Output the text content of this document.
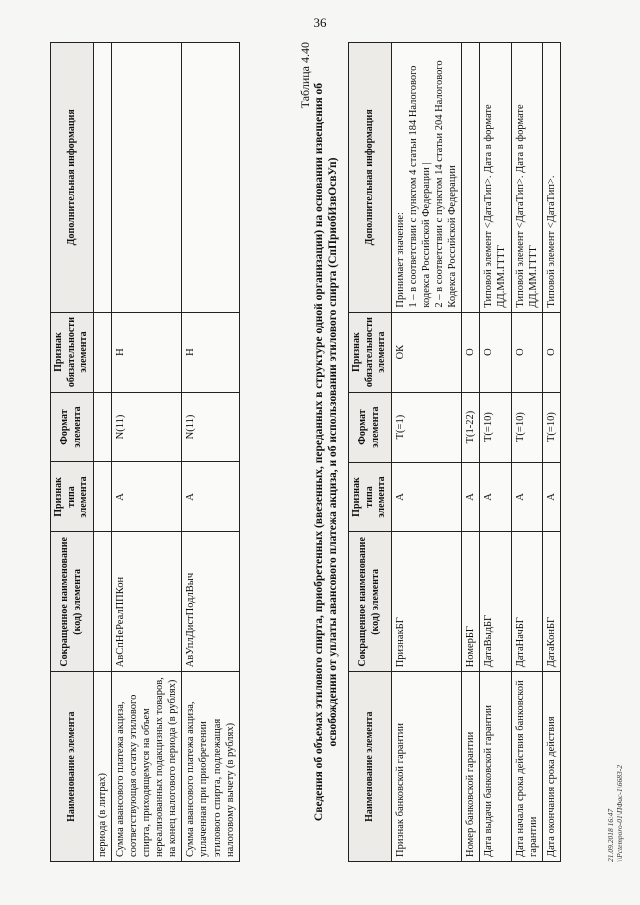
36
Наименование элемента	Сокращенное наименование (код) элемента	Признак типа элемента	Формат элемента	Признак обязательности элемента	Дополнительная информация
периода (в литрах)					
Сумма авансового платежа акциза, соответствующая остатку этилового спирта, приходящемуся на объем нереализованных подакцизных товаров, на конец налогового периода (в рублях)	АвСпНеРеалППКон	А	N(11)	Н	
Сумма авансового платежа акциза, уплаченная при приобретении этилового спирта, подлежащая налоговому вычету (в рублях)	АвУплДистПодлВыч	А	N(11)	Н	
Таблица 4.40
Сведения об объемах этилового спирта, приобретенных (ввезенных, переданных в структуре одной организации) на основании извещения об освобождении от уплаты авансового платежа акциза, и об использовании этилового спирта (СпПриобИзвОсвУп)
Наименование элемента	Сокращенное наименование (код) элемента	Признак типа элемента	Формат элемента	Признак обязательности элемента	Дополнительная информация
Признак банковской гарантии	ПризнакБГ	А	Т(=1)	ОК	Принимает значение:
1 – в соответствии с пунктом 4 статьи 184 Налогового кодекса Российской Федерации |
2 – в соответствии с пунктом 14 статьи 204 Налогового Кодекса Российской Федерации
Номер банковской гарантии	НомерБГ	А	Т(1-22)	О	
Дата выдачи банковской гарантии	ДатаВыдБГ	А	Т(=10)	О	Типовой элемент <ДатаТип>. Дата в формате ДД.ММ.ГГГГ
Дата начала срока действия банковской гарантии	ДатаНачБГ	А	Т(=10)	О	Типовой элемент <ДатаТип>. Дата в формате ДД.ММ.ГГГГ
Дата окончания срока действия	ДатаКонБГ	А	Т(=10)	О	Типовой элемент <ДатаТип>.
21.09.2018 16:47 \\Pctemporo-01\ПФас-1\6683-2
